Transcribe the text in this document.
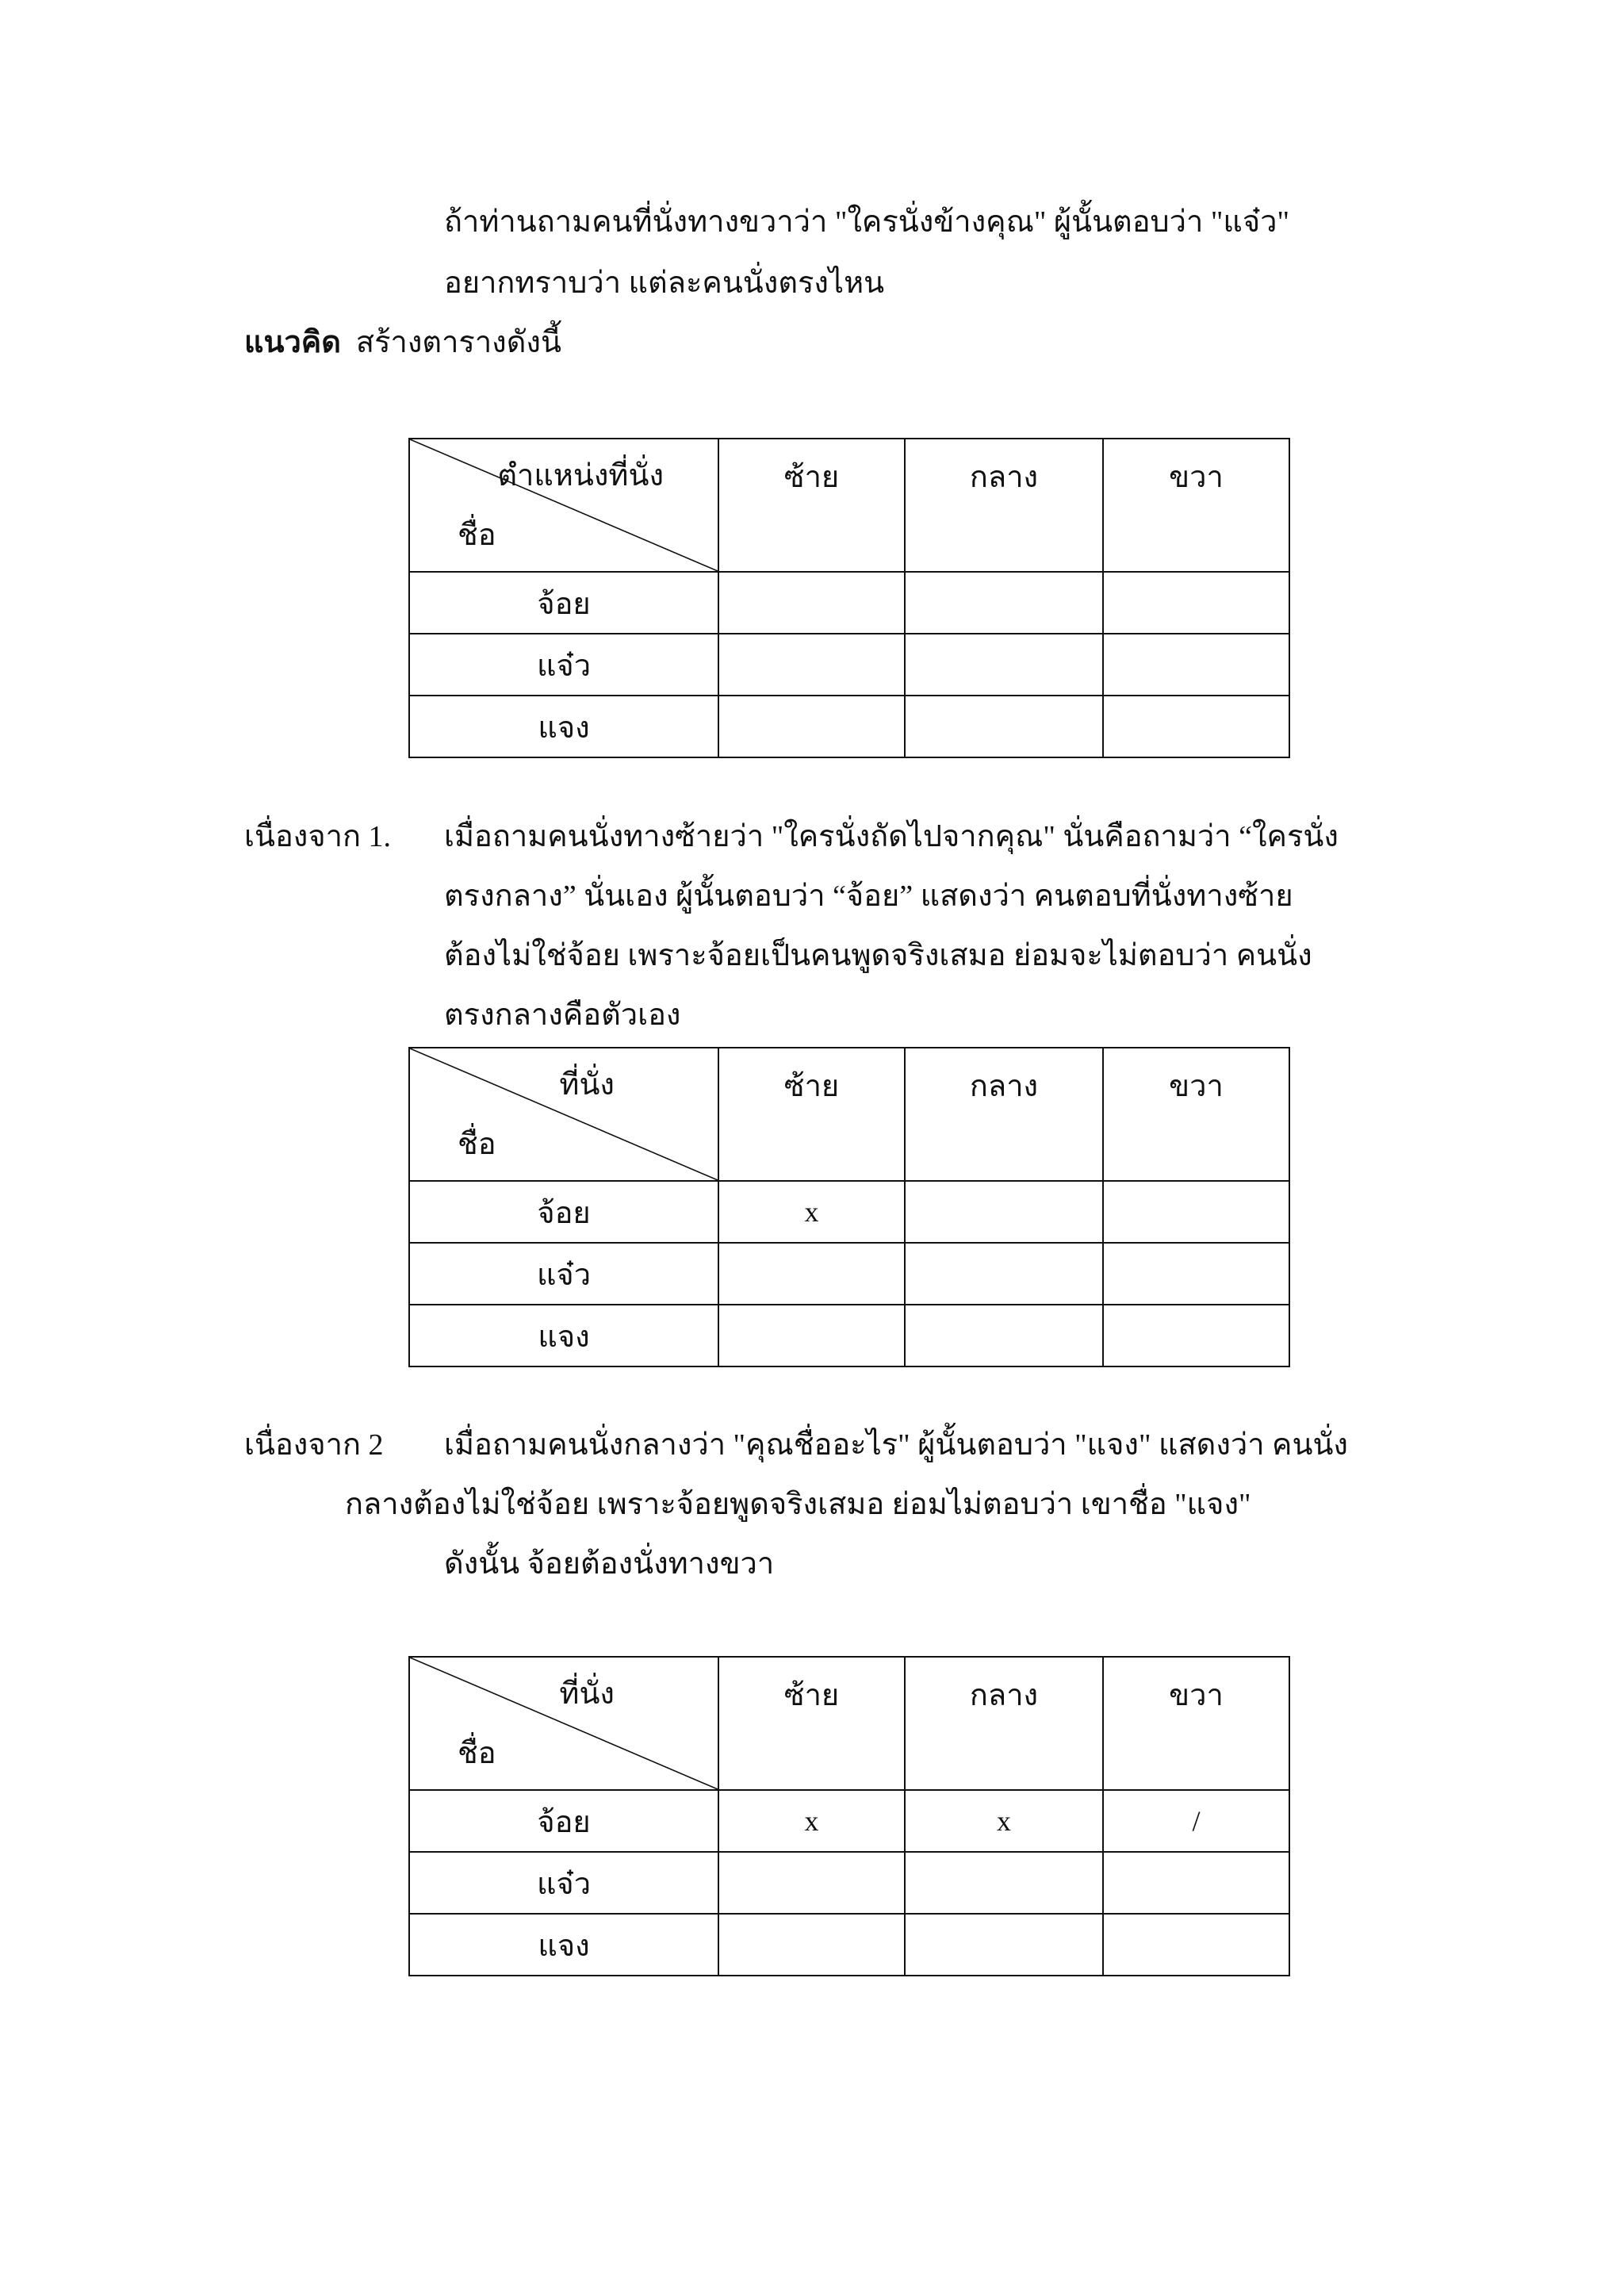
ถ้าท่านถามคนที่นั่งทางขวาว่า "ใครนั่งข้างคุณ" ผู้นั้นตอบว่า "แจ๋ว"
อยากทราบว่า แต่ละคนนั่งตรงไหน
แนวคิด สร้างตารางดังนี้
ตำแหน่งที่นั่ง
ชื่อ	ซ้าย	กลาง	ขวา
จ้อย			
แจ๋ว			
แจง			
เนื่องจาก 1. เมื่อถามคนนั่งทางซ้ายว่า "ใครนั่งถัดไปจากคุณ" นั่นคือถามว่า “ใครนั่ง
ตรงกลาง” นั่นเอง ผู้นั้นตอบว่า “จ้อย” แสดงว่า คนตอบที่นั่งทางซ้าย
ต้องไม่ใช่จ้อย เพราะจ้อยเป็นคนพูดจริงเสมอ ย่อมจะไม่ตอบว่า คนนั่ง
ตรงกลางคือตัวเอง
ที่นั่ง
ชื่อ	ซ้าย	กลาง	ขวา
จ้อย	x		
แจ๋ว			
แจง			
เนื่องจาก 2 เมื่อถามคนนั่งกลางว่า "คุณชื่ออะไร" ผู้นั้นตอบว่า "แจง" แสดงว่า คนนั่ง
กลางต้องไม่ใช่จ้อย เพราะจ้อยพูดจริงเสมอ ย่อมไม่ตอบว่า เขาชื่อ "แจง"
ดังนั้น จ้อยต้องนั่งทางขวา
ที่นั่ง
ชื่อ	ซ้าย	กลาง	ขวา
จ้อย	x	x	/
แจ๋ว			
แจง			
